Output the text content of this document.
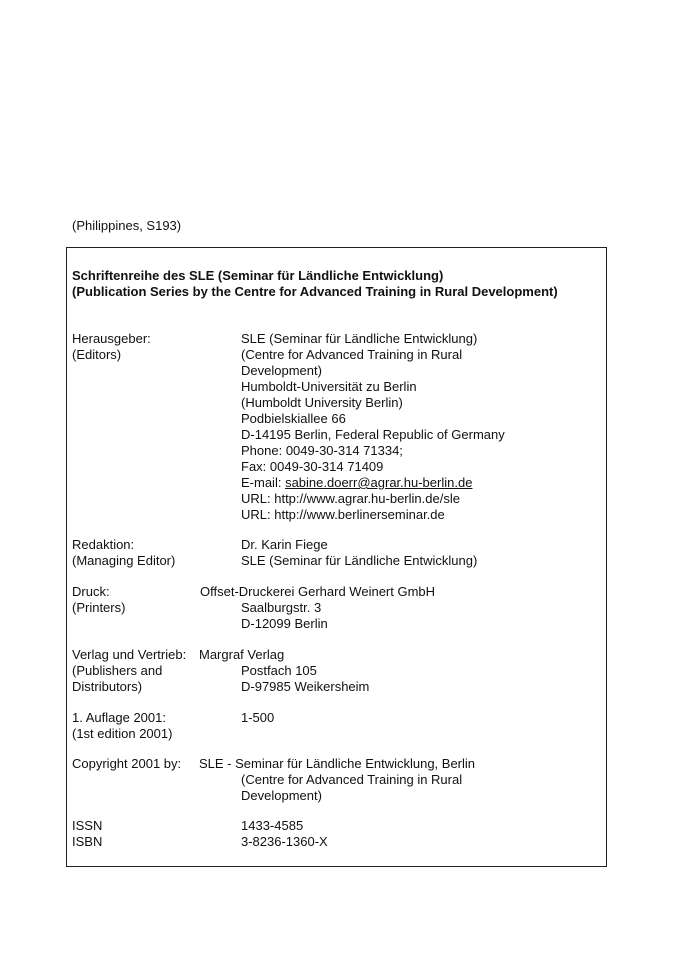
(Philippines, S193)
Schriftenreihe des SLE (Seminar für Ländliche Entwicklung)
(Publication Series by the Centre for Advanced Training in Rural Development)
Herausgeber:
(Editors)
SLE (Seminar für Ländliche Entwicklung)
(Centre for Advanced Training in Rural
Development)
Humboldt-Universität zu Berlin
(Humboldt University Berlin)
Podbielskiallee 66
D-14195 Berlin, Federal Republic of Germany
Phone: 0049-30-314 71334;
Fax: 0049-30-314 71409
E-mail: sabine.doerr@agrar.hu-berlin.de
URL: http://www.agrar.hu-berlin.de/sle
URL: http://www.berlinerseminar.de
Redaktion:
(Managing Editor)
Dr. Karin Fiege
SLE (Seminar für Ländliche Entwicklung)
Druck:
(Printers)
Offset-Druckerei Gerhard Weinert GmbH
Saalburgstr. 3
D-12099 Berlin
Verlag und Vertrieb: Margraf Verlag
(Publishers and
Distributors)
Postfach 105
D-97985 Weikersheim
1. Auflage 2001:
(1st edition 2001)
1-500
Copyright 2001 by: SLE - Seminar für Ländliche Entwicklung, Berlin
(Centre for Advanced Training in Rural
Development)
ISSN	1433-4585
ISBN	3-8236-1360-X
